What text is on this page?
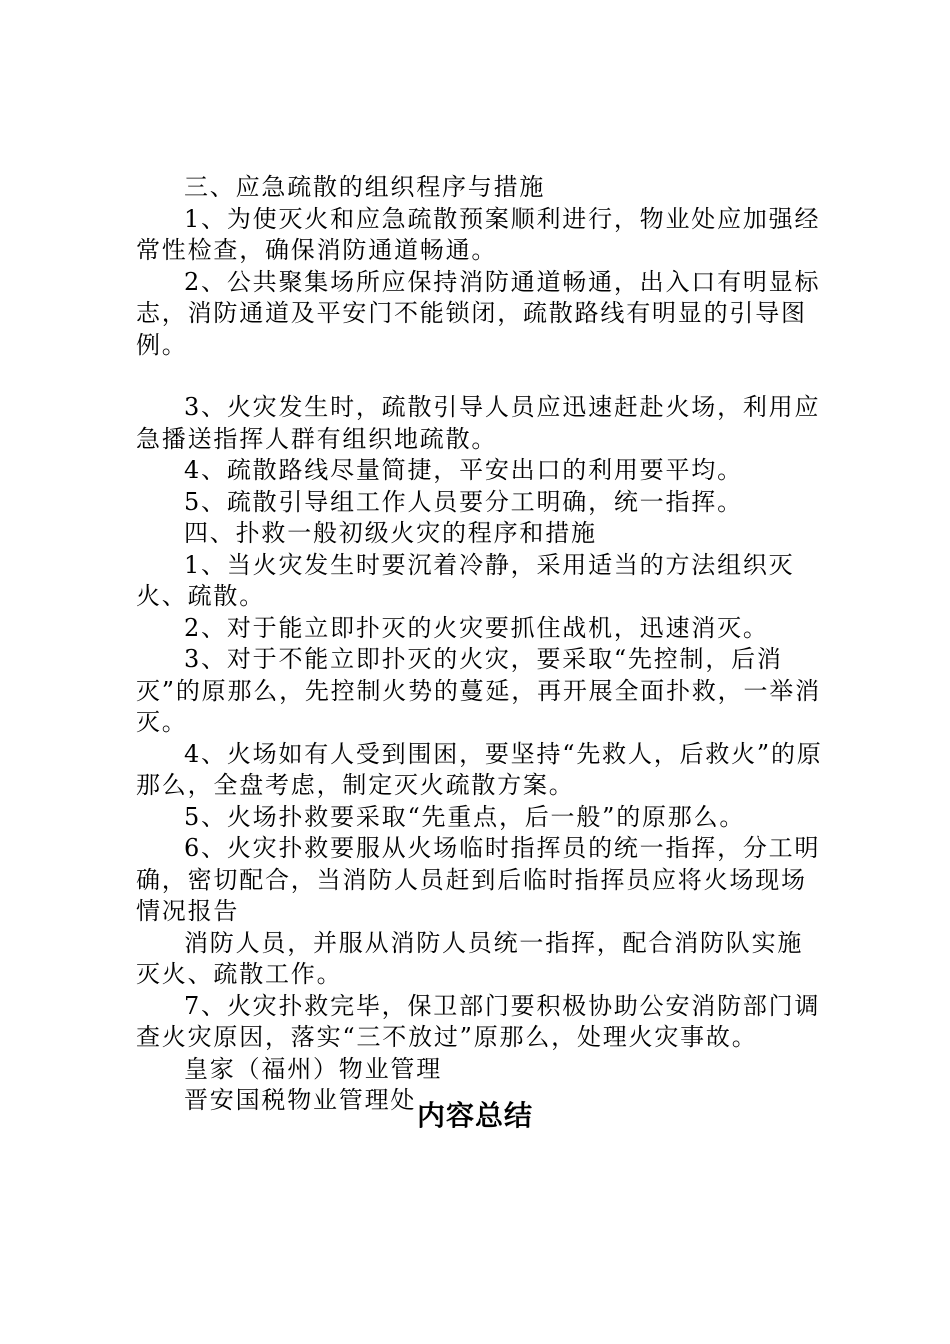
三、应急疏散的组织程序与措施

1、为使灭火和应急疏散预案顺利进行，物业处应加强经常性检查，确保消防通道畅通。

2、公共聚集场所应保持消防通道畅通，出入口有明显标志，消防通道及平安门不能锁闭，疏散路线有明显的引导图例。

3、火灾发生时，疏散引导人员应迅速赶赴火场，利用应急播送指挥人群有组织地疏散。

4、疏散路线尽量简捷，平安出口的利用要平均。

5、疏散引导组工作人员要分工明确，统一指挥。

四、扑救一般初级火灾的程序和措施

1、当火灾发生时要沉着冷静，采用适当的方法组织灭火、疏散。

2、对于能立即扑灭的火灾要抓住战机，迅速消灭。

3、对于不能立即扑灭的火灾，要采取“先控制，后消灭”的原那么，先控制火势的蔓延，再开展全面扑救，一举消灭。

4、火场如有人受到围困，要坚持“先救人，后救火”的原那么，全盘考虑，制定灭火疏散方案。

5、火场扑救要采取“先重点，后一般”的原那么。

6、火灾扑救要服从火场临时指挥员的统一指挥，分工明确，密切配合，当消防人员赶到后临时指挥员应将火场现场情况报告

消防人员，并服从消防人员统一指挥，配合消防队实施灭火、疏散工作。

7、火灾扑救完毕，保卫部门要积极协助公安消防部门调查火灾原因，落实“三不放过”原那么，处理火灾事故。

皇家（福州）物业管理

晋安国税物业管理处 内容总结
